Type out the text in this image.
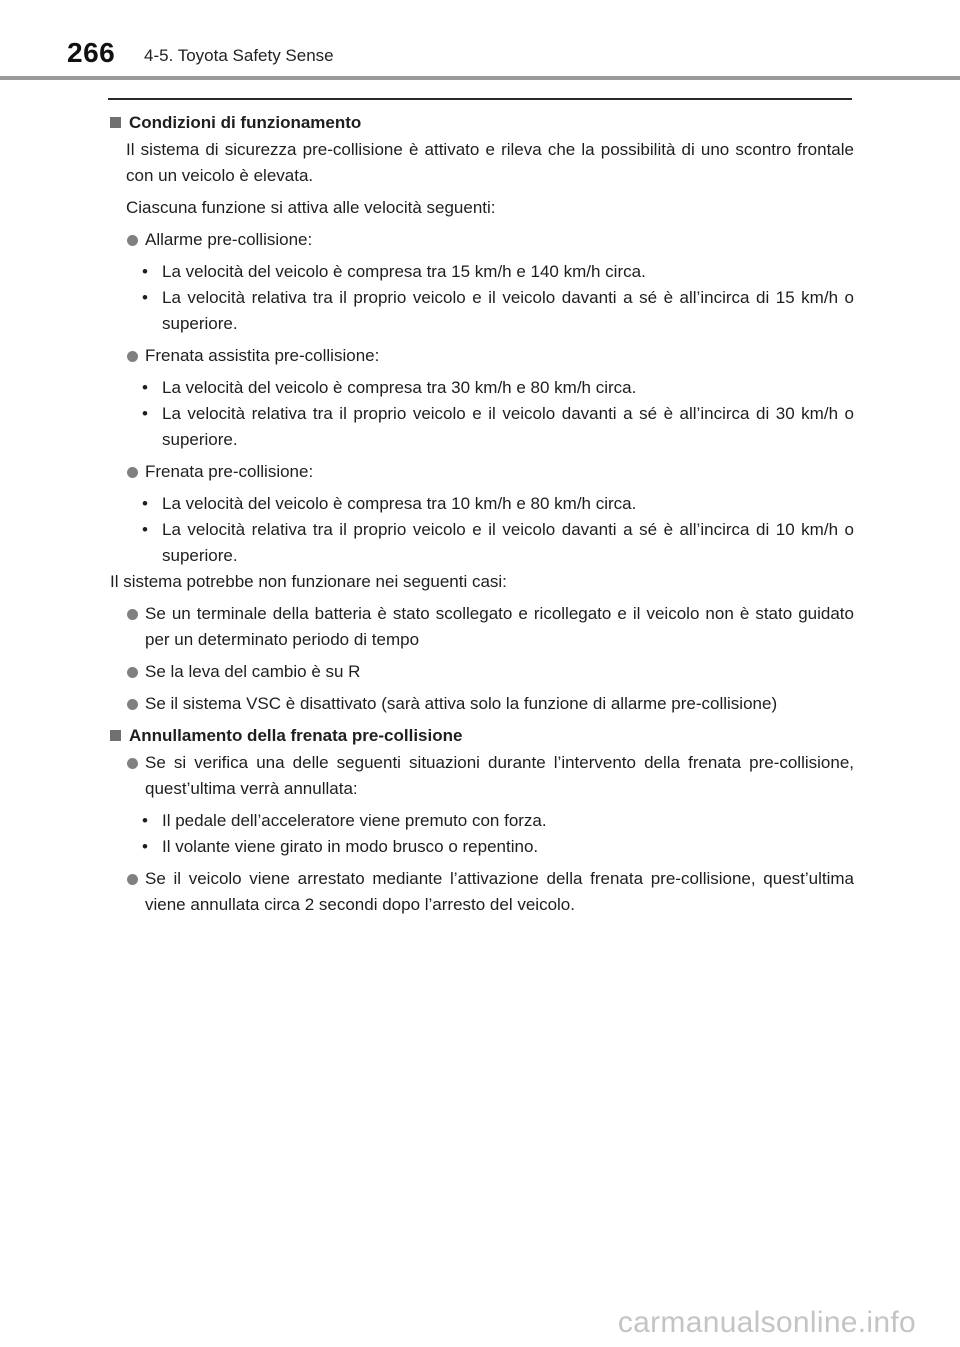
266 4-5. Toyota Safety Sense
Condizioni di funzionamento

Il sistema di sicurezza pre-collisione è attivato e rileva che la possibilità di uno scontro frontale con un veicolo è elevata.

Ciascuna funzione si attiva alle velocità seguenti:

Allarme pre-collisione:

• La velocità del veicolo è compresa tra 15 km/h e 140 km/h circa.

• La velocità relativa tra il proprio veicolo e il veicolo davanti a sé è all’incirca di 15 km/h o superiore.

Frenata assistita pre-collisione:

• La velocità del veicolo è compresa tra 30 km/h e 80 km/h circa.

• La velocità relativa tra il proprio veicolo e il veicolo davanti a sé è all’incirca di 30 km/h o superiore.

Frenata pre-collisione:

• La velocità del veicolo è compresa tra 10 km/h e 80 km/h circa.

• La velocità relativa tra il proprio veicolo e il veicolo davanti a sé è all’incirca di 10 km/h o superiore.

Il sistema potrebbe non funzionare nei seguenti casi:

Se un terminale della batteria è stato scollegato e ricollegato e il veicolo non è stato guidato per un determinato periodo di tempo
Se la leva del cambio è su R
Se il sistema VSC è disattivato (sarà attiva solo la funzione di allarme pre-collisione)
Annullamento della frenata pre-collisione
Se si verifica una delle seguenti situazioni durante l’intervento della frenata pre-collisione, quest’ultima verrà annullata:

• Il pedale dell’acceleratore viene premuto con forza.

• Il volante viene girato in modo brusco o repentino.

Se il veicolo viene arrestato mediante l’attivazione della frenata pre-collisione, quest’ultima viene annullata circa 2 secondi dopo l’arresto del veicolo.
carmanualsonline.info
